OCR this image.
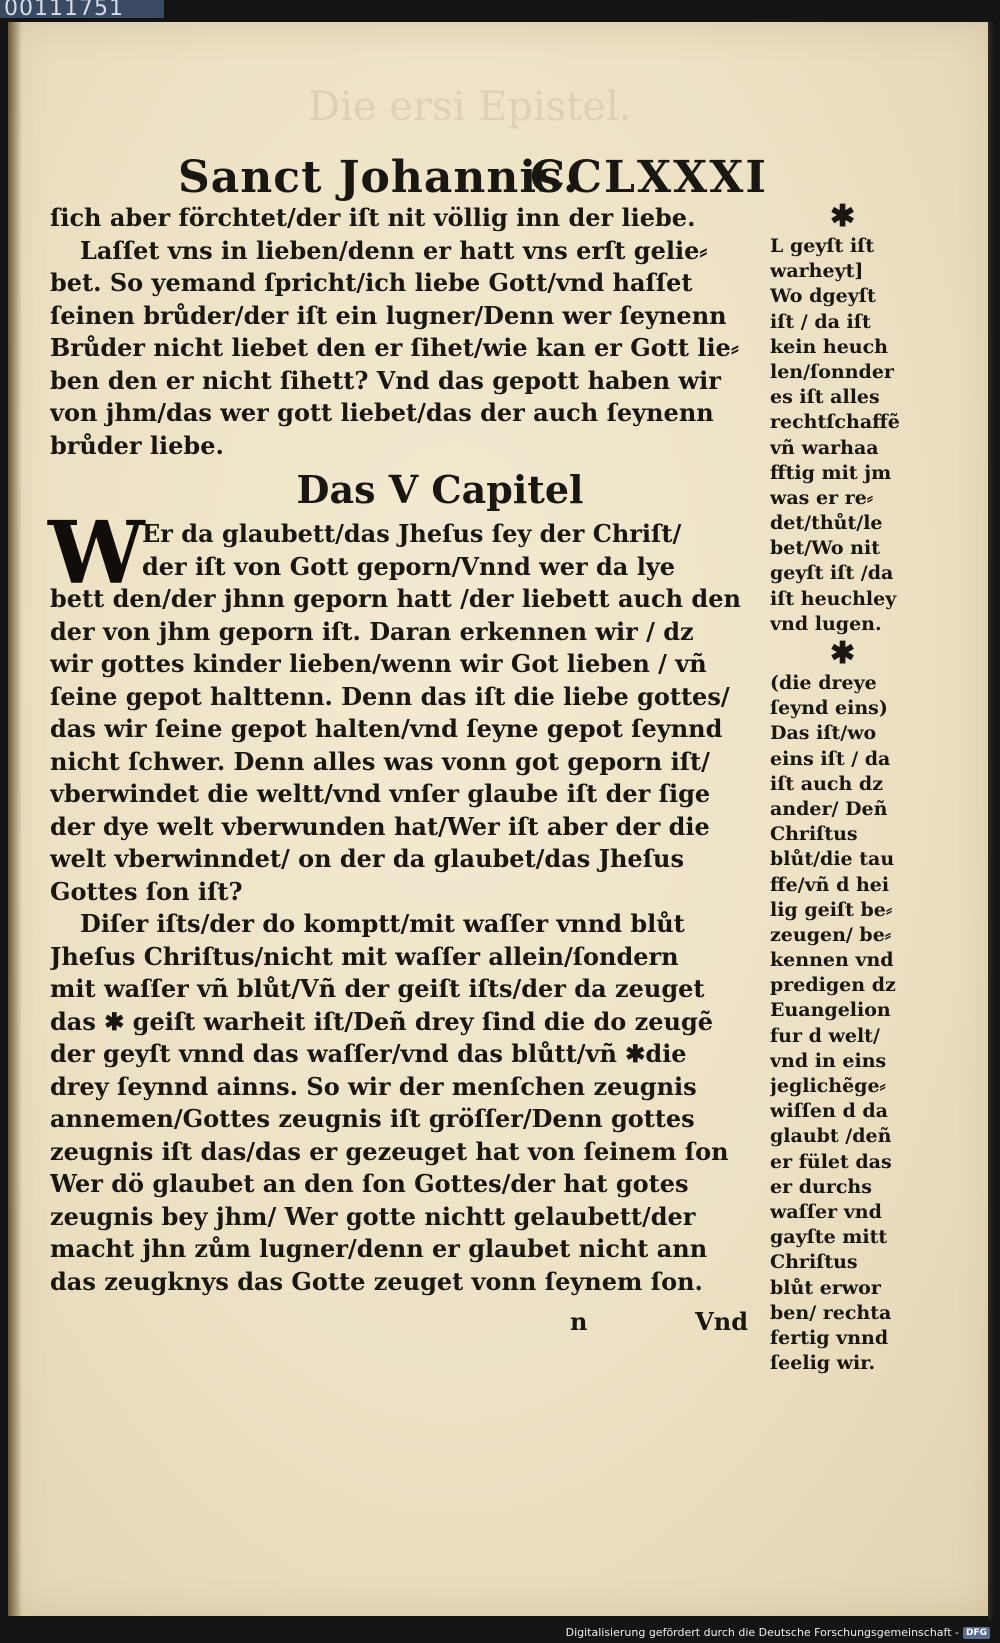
00111751
Die ersi Epistel.
Sanct Johannis.
CCLXXXI
ſich aber förchtet/der iſt nit völlig inn der liebe.
Laſſet vns in lieben/denn er hatt vns erſt gelie⸗
bet. So yemand ſpricht/ich liebe Gott/vnd haſſet
ſeinen brůder/der iſt ein lugner/Denn wer ſeynenn
Brůder nicht liebet den er ſihet/wie kan er Gott lie⸗
ben den er nicht ſihett? Vnd das gepott haben wir
von jhm/das wer gott liebet/das der auch ſeynenn
brůder liebe.
Das V Capitel
W
Er da glaubett/das Jheſus ſey der Chriſt/
der iſt von Gott geporn/Vnnd wer da lye
bett den/der jhnn geporn hatt /der liebett auch den
der von jhm geporn iſt. Daran erkennen wir / dz
wir gottes kinder lieben/wenn wir Got lieben / vñ
ſeine gepot halttenn. Denn das iſt die liebe gottes/
das wir ſeine gepot halten/vnd ſeyne gepot ſeynnd
nicht ſchwer. Denn alles was vonn got geporn iſt/
vberwindet die weltt/vnd vnſer glaube iſt der ſige
der dye welt vberwunden hat/Wer iſt aber der die
welt vberwinndet/ on der da glaubet/das Jheſus
Gottes ſon iſt?
Diſer iſts/der do komptt/mit waſſer vnnd blůt
Jheſus Chriſtus/nicht mit waſſer allein/ſondern
mit waſſer vñ blůt/Vñ der geiſt iſts/der da zeuget
das ✱ geiſt warheit iſt/Deñ drey ſind die do zeugẽ
der geyſt vnnd das waſſer/vnd das blůtt/vñ ✱die
drey ſeynnd ainns. So wir der menſchen zeugnis
annemen/Gottes zeugnis iſt gröſſer/Denn gottes
zeugnis iſt das/das er gezeuget hat von ſeinem ſon
Wer dö glaubet an den ſon Gottes/der hat gotes
zeugnis bey jhm/ Wer gotte nichtt gelaubett/der
macht jhn zům lugner/denn er glaubet nicht ann
das zeugknys das Gotte zeuget vonn ſeynem ſon.
n	Vnd
✱
L geyſt iſt
warheyt]
Wo dgeyſt
iſt / da iſt
kein heuch
len/ſonnder
es iſt alles
rechtſchaffẽ
vñ warhaa
fftig mit jm
was er re⸗
det/thůt/le
bet/Wo nit
geyſt iſt /da
iſt heuchley
vnd lugen.
✱
(die dreye
ſeynd eins)
Das iſt/wo
eins iſt / da
iſt auch dz
ander/ Deñ
Chriſtus
blůt/die tau
ffe/vñ d hei
lig geiſt be⸗
zeugen/ be⸗
kennen vnd
predigen dz
Euangelion
fur d welt/
vnd in eins
jeglichẽge⸗
wiſſen d da
glaubt /deñ
er fület das
er durchs
waſſer vnd
gayſte mitt
Chriſtus
blůt erwor
ben/ rechta
fertig vnnd
ſeelig wir.
Digitalisierung gefördert durch die Deutsche Forschungsgemeinschaft - DFG
